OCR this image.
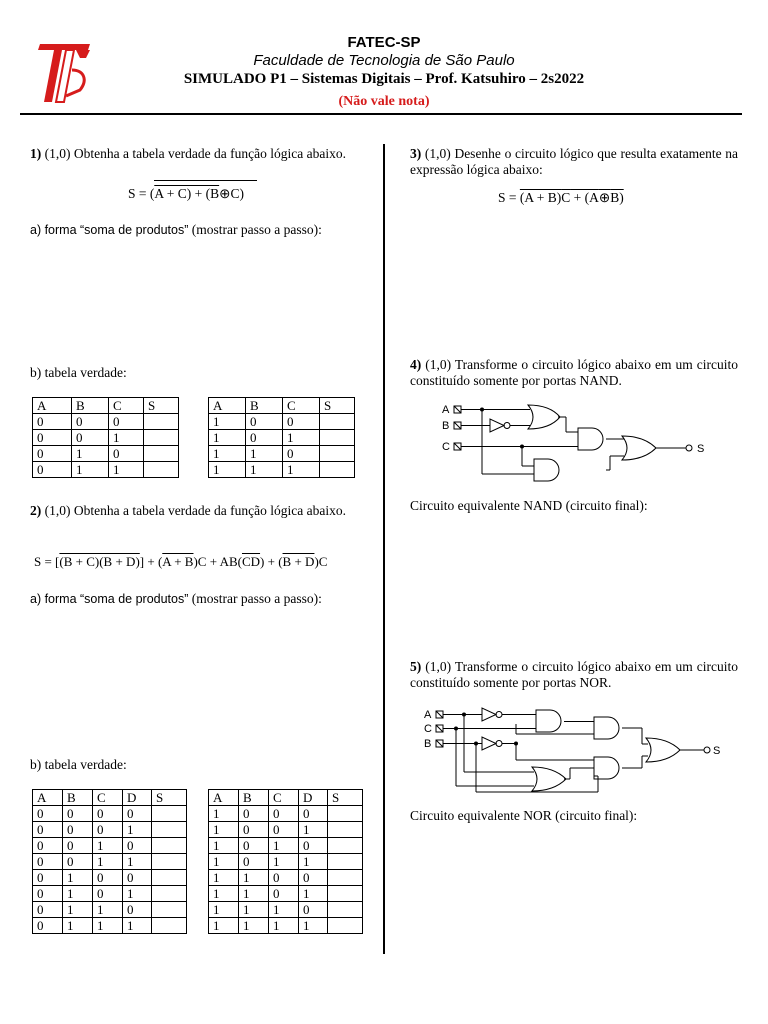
FATEC-SP
Faculdade de Tecnologia de São Paulo
SIMULADO P1 – Sistemas Digitais – Prof. Katsuhiro – 2s2022
(Não vale nota)
1) (1,0) Obtenha a tabela verdade da função lógica abaixo.
S = (A + C) + (B⊕C)
a) forma “soma de produtos” (mostrar passo a passo):
b) tabela verdade:
A	B	C	S
0	0	0	
0	0	1	
0	1	0	
0	1	1	
A	B	C	S
1	0	0	
1	0	1	
1	1	0	
1	1	1	
2) (1,0) Obtenha a tabela verdade da função lógica abaixo.
$S = [(B + C)(B + D)] + (A + B)C + AB(\overline{CD}) + (B + D)C$
a) forma “soma de produtos” (mostrar passo a passo):
b) tabela verdade:
A	B	C	D	S
0	0	0	0	
0	0	0	1	
0	0	1	0	
0	0	1	1	
0	1	0	0	
0	1	0	1	
0	1	1	0	
0	1	1	1	
A	B	C	D	S
1	0	0	0	
1	0	0	1	
1	0	1	0	
1	0	1	1	
1	1	0	0	
1	1	0	1	
1	1	1	0	
1	1	1	1	
3) (1,0) Desenhe o circuito lógico que resulta exatamente na expressão lógica abaixo:
S = (A + B)C + (A⊕B)
4) (1,0) Transforme o circuito lógico abaixo em um circuito constituído somente por portas NAND.
A
B
C	S
Circuito equivalente NAND (circuito final):
5) (1,0) Transforme o circuito lógico abaixo em um circuito constituído somente por portas NOR.
A
C
B
S
Circuito equivalente NOR (circuito final):
